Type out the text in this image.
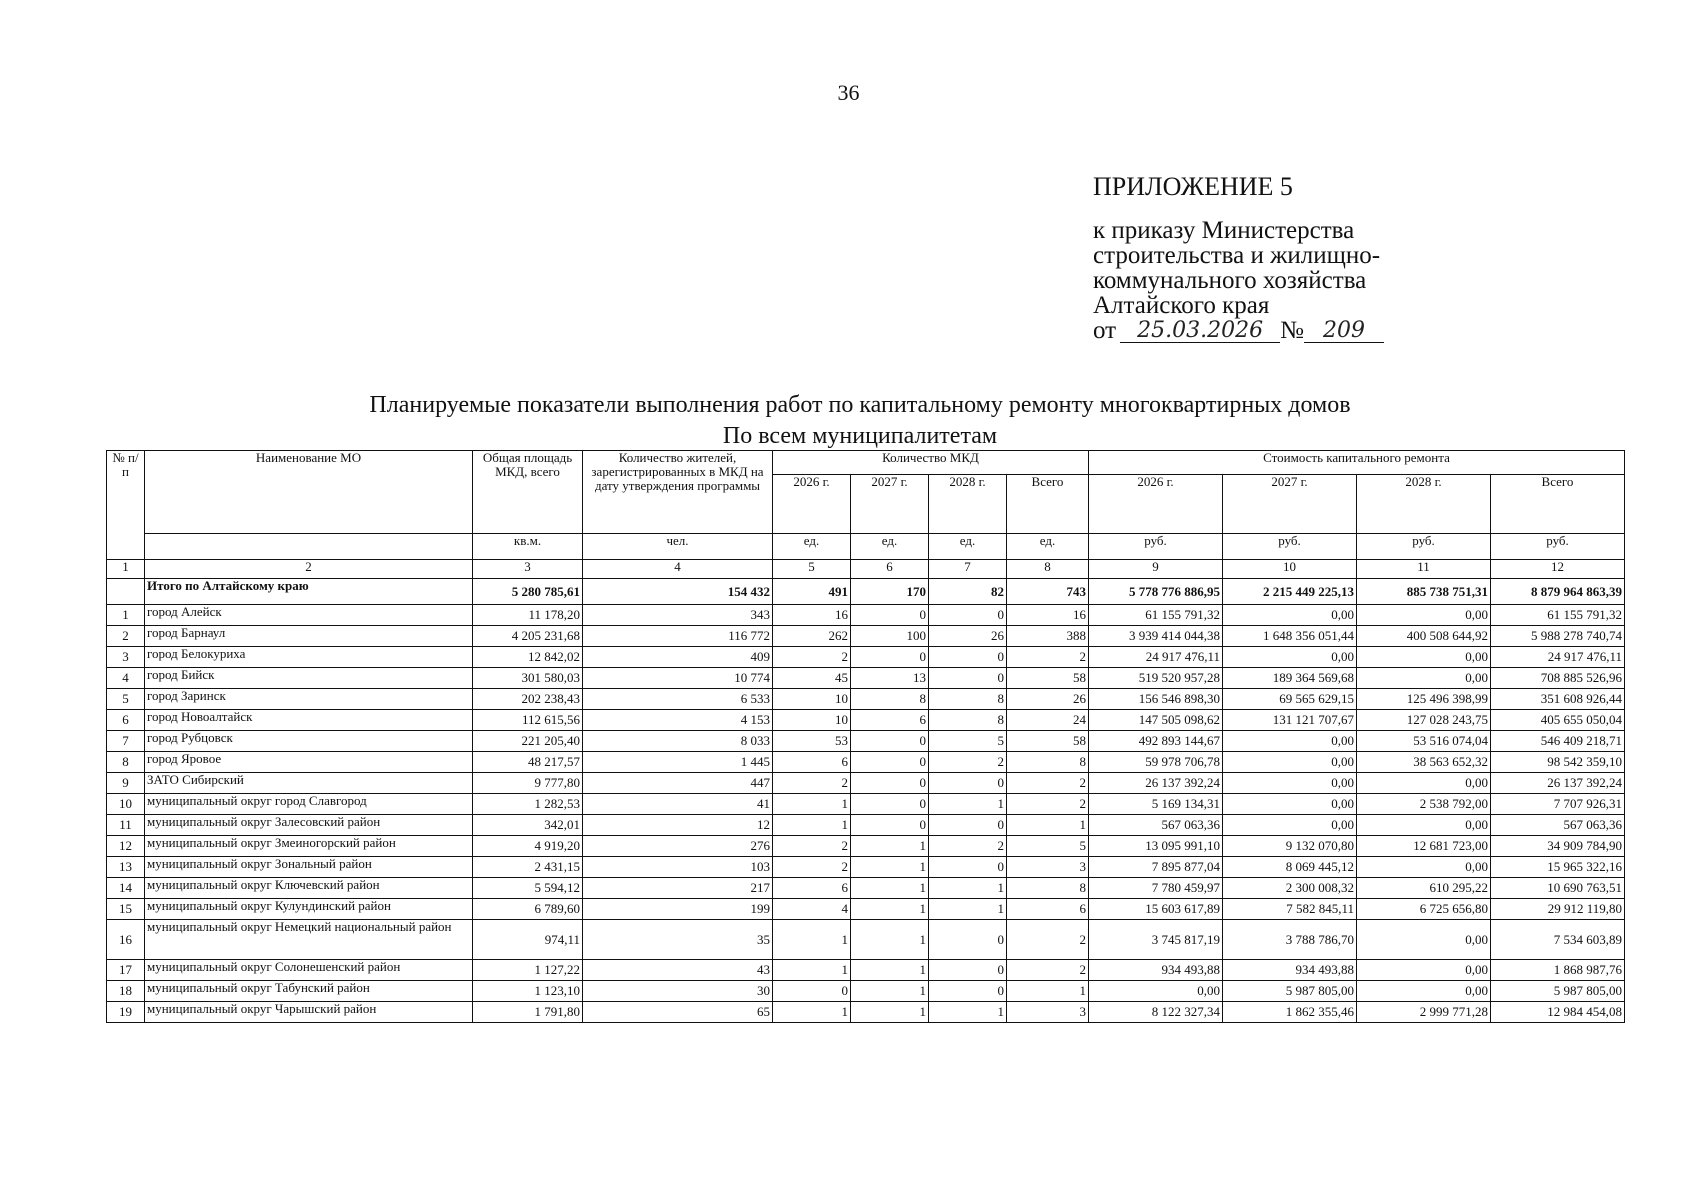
36
ПРИЛОЖЕНИЕ 5
к приказу Министерства
строительства и жилищно-
коммунального хозяйства
Алтайского края
от 25.03.2026 № 209
Планируемые показатели выполнения работ по капитальному ремонту многоквартирных домов
По всем муниципалитетам
№ п/п	Наименование МО	Общая площадь МКД, всего	Количество жителей, зарегистрированных в МКД на дату утверждения программы	Количество МКД				Стоимость капитального ремонта			
				2026 г.	2027 г.	2028 г.	Всего	2026 г.	2027 г.	2028 г.	Всего
		кв.м.	чел.	ед.	ед.	ед.	ед.	руб.	руб.	руб.	руб.
1	2	3	4	5	6	7	8	9	10	11	12
	Итого по Алтайскому краю	5 280 785,61	154 432	491	170	82	743	5 778 776 886,95	2 215 449 225,13	885 738 751,31	8 879 964 863,39
1	город Алейск	11 178,20	343	16	0	0	16	61 155 791,32	0,00	0,00	61 155 791,32
2	город Барнаул	4 205 231,68	116 772	262	100	26	388	3 939 414 044,38	1 648 356 051,44	400 508 644,92	5 988 278 740,74
3	город Белокуриха	12 842,02	409	2	0	0	2	24 917 476,11	0,00	0,00	24 917 476,11
4	город Бийск	301 580,03	10 774	45	13	0	58	519 520 957,28	189 364 569,68	0,00	708 885 526,96
5	город Заринск	202 238,43	6 533	10	8	8	26	156 546 898,30	69 565 629,15	125 496 398,99	351 608 926,44
6	город Новоалтайск	112 615,56	4 153	10	6	8	24	147 505 098,62	131 121 707,67	127 028 243,75	405 655 050,04
7	город Рубцовск	221 205,40	8 033	53	0	5	58	492 893 144,67	0,00	53 516 074,04	546 409 218,71
8	город Яровое	48 217,57	1 445	6	0	2	8	59 978 706,78	0,00	38 563 652,32	98 542 359,10
9	ЗАТО Сибирский	9 777,80	447	2	0	0	2	26 137 392,24	0,00	0,00	26 137 392,24
10	муниципальный округ город Славгород	1 282,53	41	1	0	1	2	5 169 134,31	0,00	2 538 792,00	7 707 926,31
11	муниципальный округ Залесовский район	342,01	12	1	0	0	1	567 063,36	0,00	0,00	567 063,36
12	муниципальный округ Змеиногорский район	4 919,20	276	2	1	2	5	13 095 991,10	9 132 070,80	12 681 723,00	34 909 784,90
13	муниципальный округ Зональный район	2 431,15	103	2	1	0	3	7 895 877,04	8 069 445,12	0,00	15 965 322,16
14	муниципальный округ Ключевский район	5 594,12	217	6	1	1	8	7 780 459,97	2 300 008,32	610 295,22	10 690 763,51
15	муниципальный округ Кулундинский район	6 789,60	199	4	1	1	6	15 603 617,89	7 582 845,11	6 725 656,80	29 912 119,80
16	муниципальный округ Немецкий национальный район	974,11	35	1	1	0	2	3 745 817,19	3 788 786,70	0,00	7 534 603,89
17	муниципальный округ Солонешенский район	1 127,22	43	1	1	0	2	934 493,88	934 493,88	0,00	1 868 987,76
18	муниципальный округ Табунский район	1 123,10	30	0	1	0	1	0,00	5 987 805,00	0,00	5 987 805,00
19	муниципальный округ Чарышский район	1 791,80	65	1	1	1	3	8 122 327,34	1 862 355,46	2 999 771,28	12 984 454,08
